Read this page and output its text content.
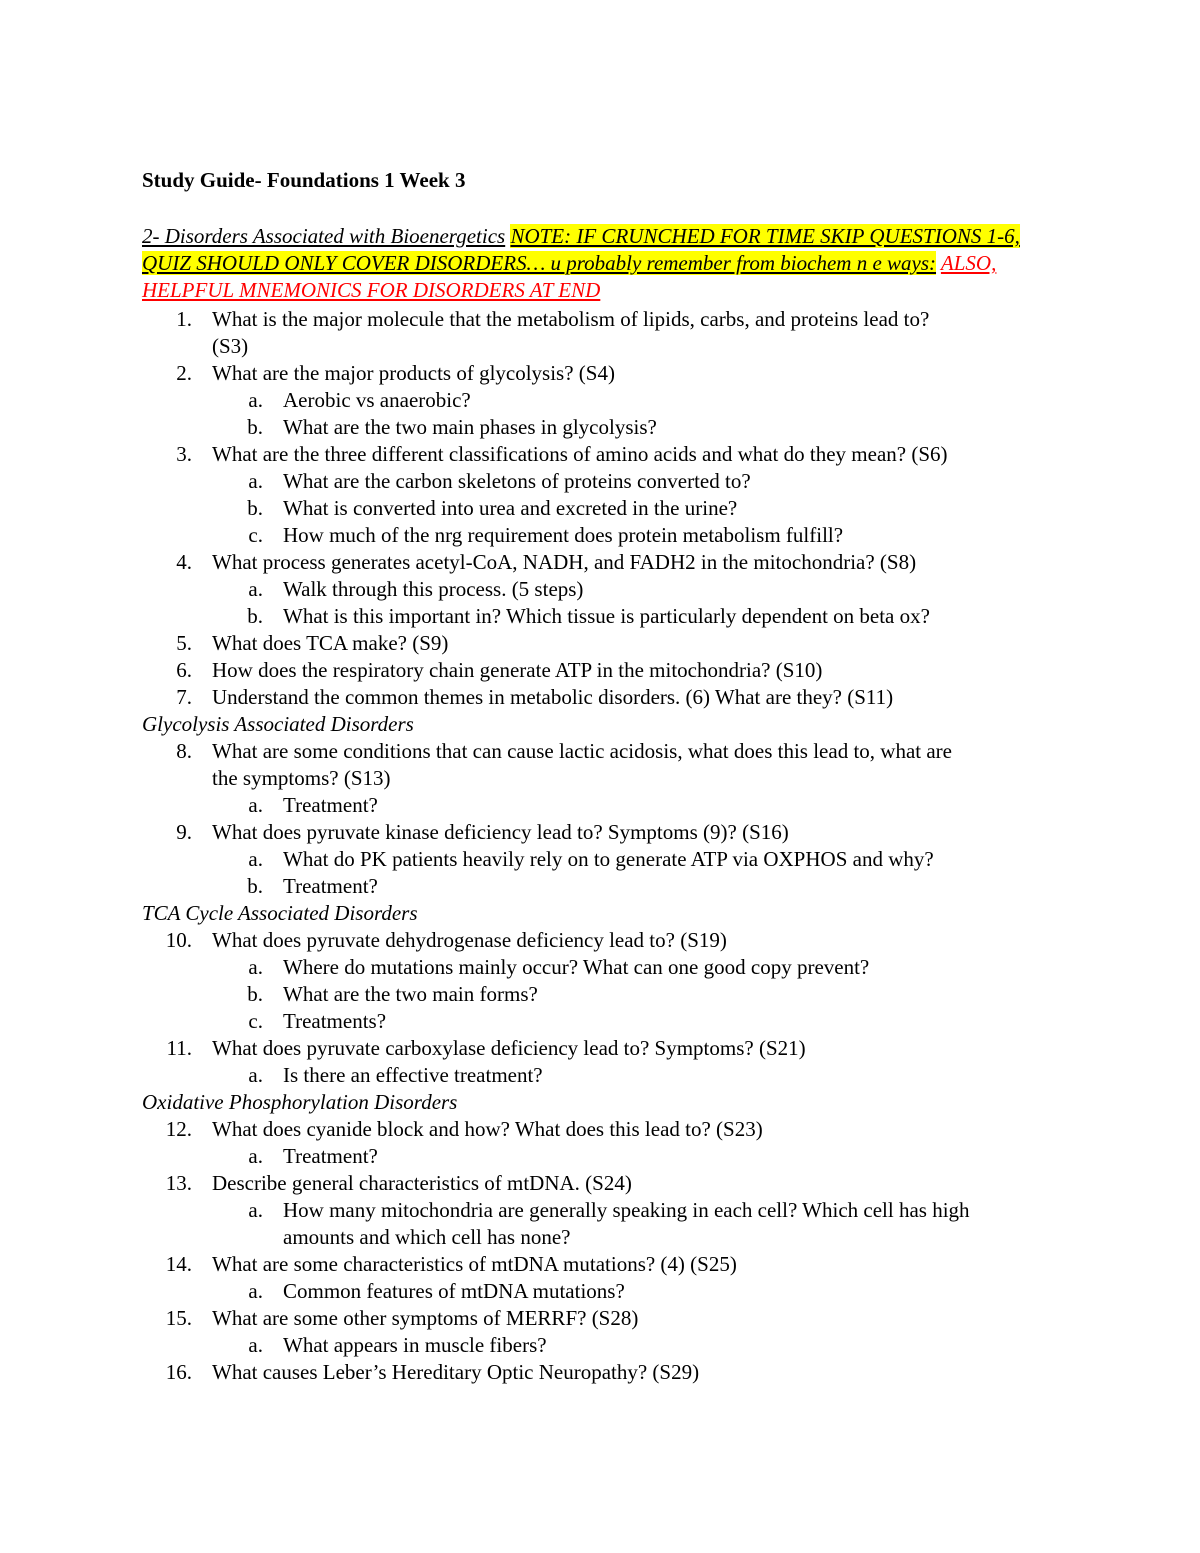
Study Guide- Foundations 1 Week 3
2- Disorders Associated with Bioenergetics NOTE: IF CRUNCHED FOR TIME SKIP QUESTIONS 1-6, QUIZ SHOULD ONLY COVER DISORDERS… u probably remember from biochem n e ways: ALSO, HELPFUL MNEMONICS FOR DISORDERS AT END
1. What is the major molecule that the metabolism of lipids, carbs, and proteins lead to?
(S3)
2. What are the major products of glycolysis? (S4)
a. Aerobic vs anaerobic?
b. What are the two main phases in glycolysis?
3. What are the three different classifications of amino acids and what do they mean? (S6)
a. What are the carbon skeletons of proteins converted to?
b. What is converted into urea and excreted in the urine?
c. How much of the nrg requirement does protein metabolism fulfill?
4. What process generates acetyl-CoA, NADH, and FADH2 in the mitochondria? (S8)
a. Walk through this process. (5 steps)
b. What is this important in? Which tissue is particularly dependent on beta ox?
5. What does TCA make? (S9)
6. How does the respiratory chain generate ATP in the mitochondria? (S10)
7. Understand the common themes in metabolic disorders. (6) What are they? (S11)
Glycolysis Associated Disorders
8. What are some conditions that can cause lactic acidosis, what does this lead to, what are
the symptoms? (S13)
a. Treatment?
9. What does pyruvate kinase deficiency lead to? Symptoms (9)? (S16)
a. What do PK patients heavily rely on to generate ATP via OXPHOS and why?
b. Treatment?
TCA Cycle Associated Disorders
10. What does pyruvate dehydrogenase deficiency lead to? (S19)
a. Where do mutations mainly occur? What can one good copy prevent?
b. What are the two main forms?
c. Treatments?
11. What does pyruvate carboxylase deficiency lead to? Symptoms? (S21)
a. Is there an effective treatment?
Oxidative Phosphorylation Disorders
12. What does cyanide block and how? What does this lead to? (S23)
a. Treatment?
13. Describe general characteristics of mtDNA. (S24)
a. How many mitochondria are generally speaking in each cell? Which cell has high
amounts and which cell has none?
14. What are some characteristics of mtDNA mutations? (4) (S25)
a. Common features of mtDNA mutations?
15. What are some other symptoms of MERRF? (S28)
a. What appears in muscle fibers?
16. What causes Leber’s Hereditary Optic Neuropathy? (S29)
